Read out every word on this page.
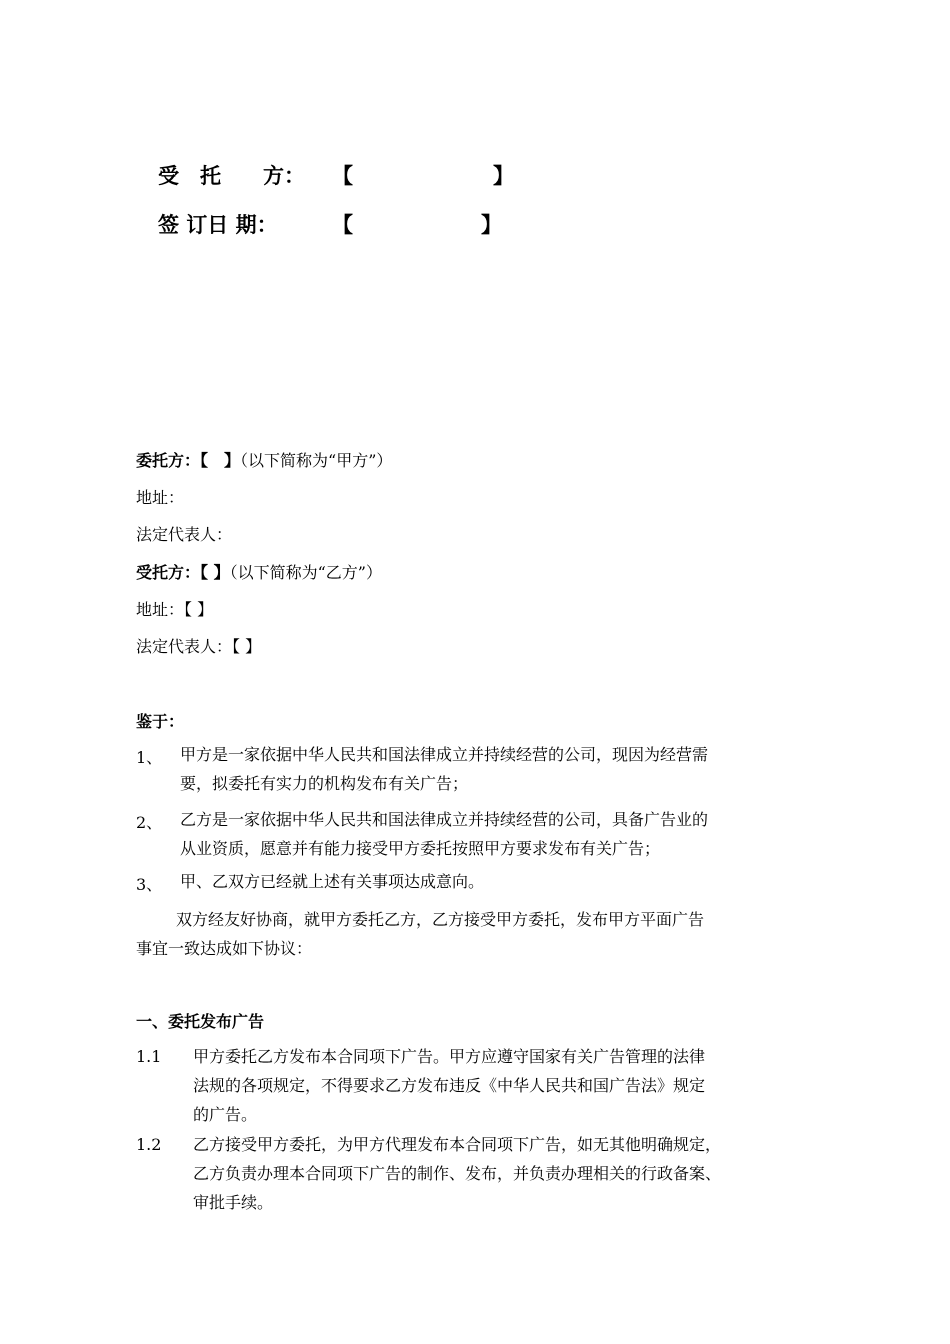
受　托　　方： 【	】
签 订日 期：	【	】
委托方：【　】（以下简称为“甲方”）
地址：
法定代表人：
受托方：【 】（以下简称为“乙方”）
地址：【 】
法定代表人：【 】
鉴于：
1、 甲方是一家依据中华人民共和国法律成立并持续经营的公司，现因为经营需
要，拟委托有实力的机构发布有关广告；
2、 乙方是一家依据中华人民共和国法律成立并持续经营的公司，具备广告业的
从业资质，愿意并有能力接受甲方委托按照甲方要求发布有关广告；
3、 甲、乙双方已经就上述有关事项达成意向。
双方经友好协商，就甲方委托乙方，乙方接受甲方委托，发布甲方平面广告
事宜一致达成如下协议：
一、委托发布广告
1.1 甲方委托乙方发布本合同项下广告。甲方应遵守国家有关广告管理的法律
法规的各项规定，不得要求乙方发布违反《中华人民共和国广告法》规定
的广告。
1.2 乙方接受甲方委托，为甲方代理发布本合同项下广告，如无其他明确规定，
乙方负责办理本合同项下广告的制作、发布，并负责办理相关的行政备案、
审批手续。
